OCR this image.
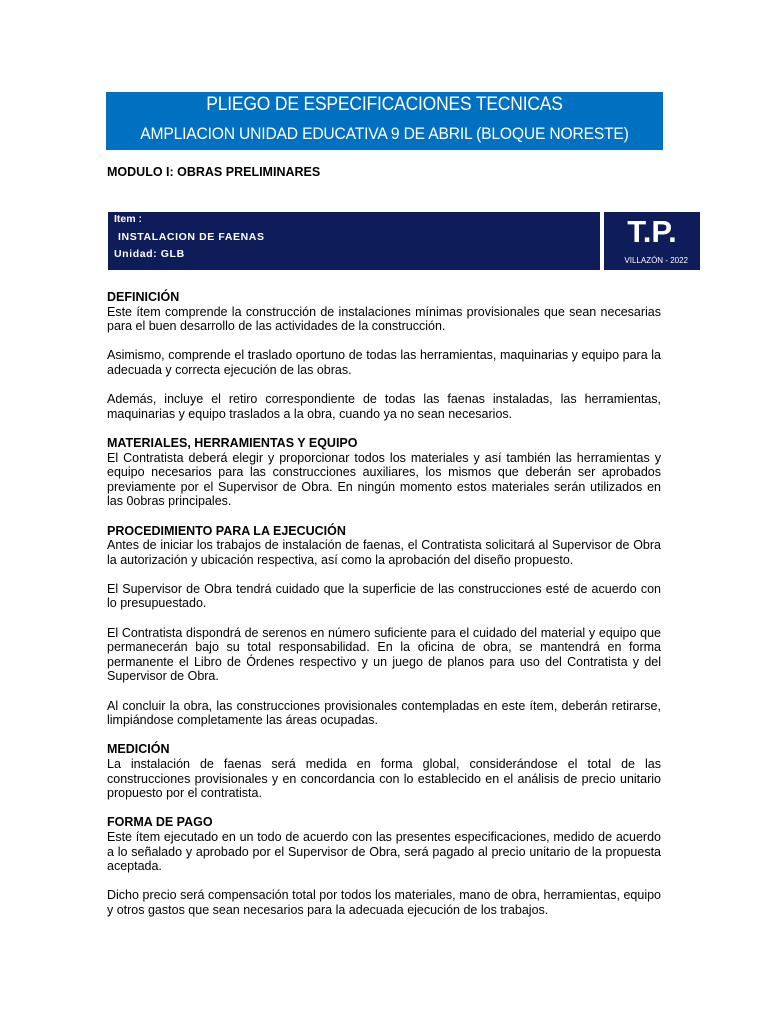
PLIEGO DE ESPECIFICACIONES TECNICAS
AMPLIACION UNIDAD EDUCATIVA 9 DE ABRIL (BLOQUE NORESTE)
MODULO I: OBRAS PRELIMINARES
Item :
INSTALACION DE FAENAS
Unidad: GLB
T.P.
VILLAZÓN - 2022
DEFINICIÓN

Este ítem comprende la construcción de instalaciones mínimas provisionales que sean necesarias para el buen desarrollo de las actividades de la construcción.

Asimismo, comprende el traslado oportuno de todas las herramientas, maquinarias y equipo para la adecuada y correcta ejecución de las obras.

Además, incluye el retiro correspondiente de todas las faenas instaladas, las herramientas, maquinarias y equipo traslados a la obra, cuando ya no sean necesarios.

MATERIALES, HERRAMIENTAS Y EQUIPO

El Contratista deberá elegir y proporcionar todos los materiales y así también las herramientas y equipo necesarios para las construcciones auxiliares, los mismos que deberán ser aprobados previamente por el Supervisor de Obra. En ningún momento estos materiales serán utilizados en las 0obras principales.

PROCEDIMIENTO PARA LA EJECUCIÓN

Antes de iniciar los trabajos de instalación de faenas, el Contratista solicitará al Supervisor de Obra la autorización y ubicación respectiva, así como la aprobación del diseño propuesto.

El Supervisor de Obra tendrá cuidado que la superficie de las construcciones esté de acuerdo con lo presupuestado.

El Contratista dispondrá de serenos en número suficiente para el cuidado del material y equipo que permanecerán bajo su total responsabilidad. En la oficina de obra, se mantendrá en forma permanente el Libro de Órdenes respectivo y un juego de planos para uso del Contratista y del Supervisor de Obra.

Al concluir la obra, las construcciones provisionales contempladas en este ítem, deberán retirarse, limpiándose completamente las áreas ocupadas.

MEDICIÓN

La instalación de faenas será medida en forma global, considerándose el total de las construcciones provisionales y en concordancia con lo establecido en el análisis de precio unitario propuesto por el contratista.

FORMA DE PAGO

Este ítem ejecutado en un todo de acuerdo con las presentes especificaciones, medido de acuerdo a lo señalado y aprobado por el Supervisor de Obra, será pagado al precio unitario de la propuesta aceptada.

Dicho precio será compensación total por todos los materiales, mano de obra, herramientas, equipo y otros gastos que sean necesarios para la adecuada ejecución de los trabajos.
